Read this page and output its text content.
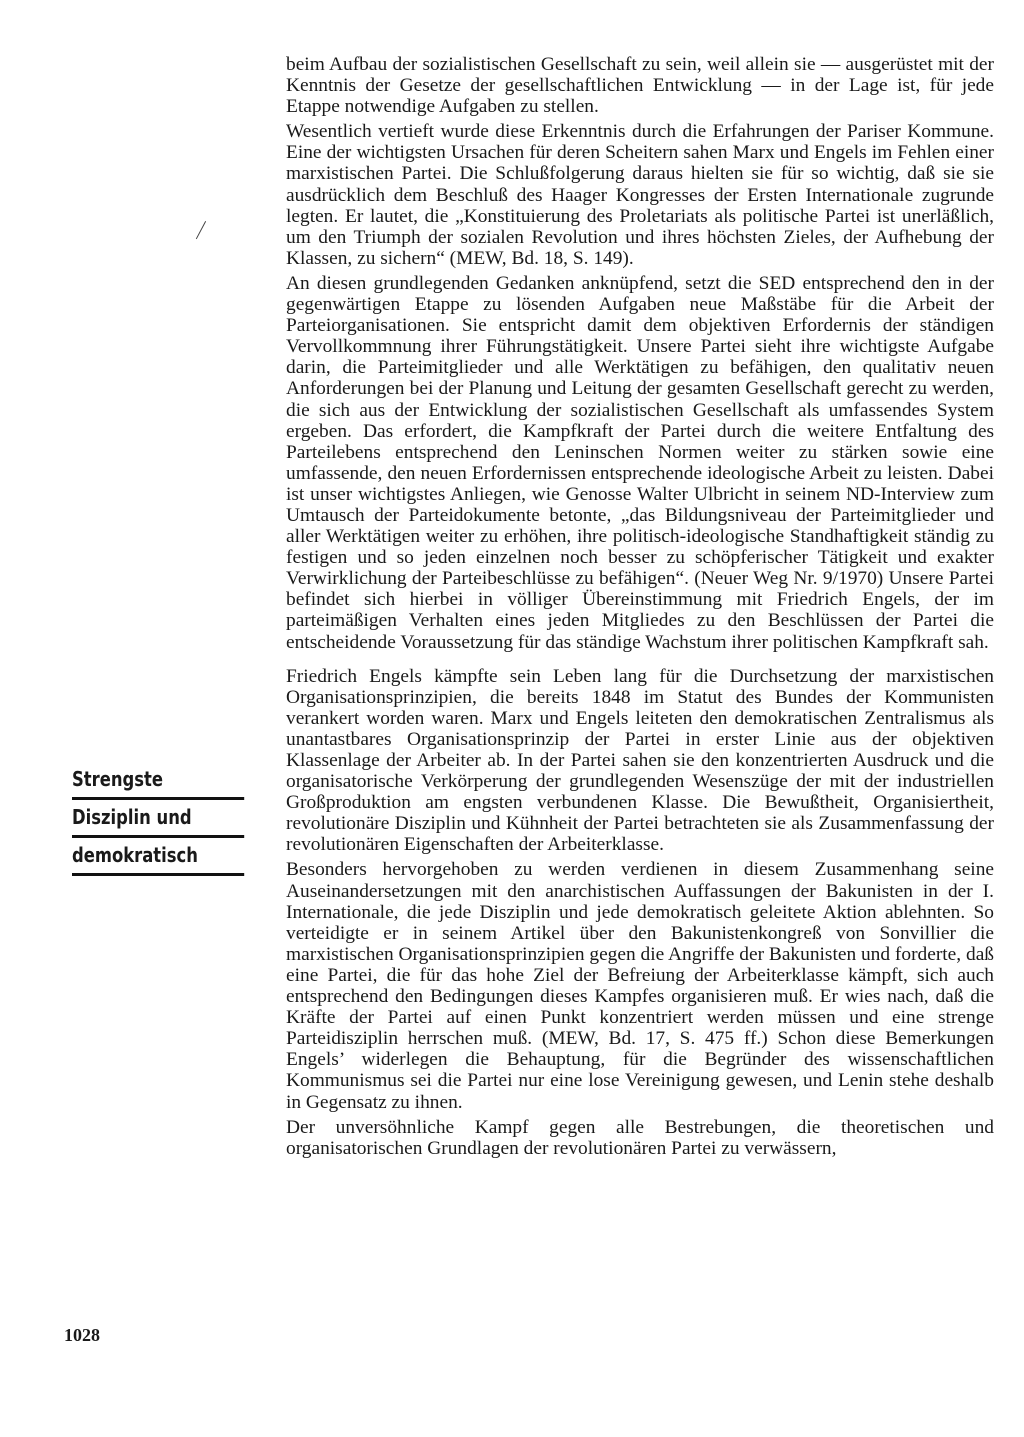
Strengste
Disziplin und
demokratisch

beim Aufbau der sozialistischen Gesellschaft zu sein, weil allein sie — ausgerüstet mit der Kenntnis der Gesetze der gesellschaftlichen Entwicklung — in der Lage ist, für jede Etappe notwendige Aufgaben zu stellen.

Wesentlich vertieft wurde diese Erkenntnis durch die Erfahrungen der Pariser Kommune. Eine der wichtigsten Ursachen für deren Scheitern sahen Marx und Engels im Fehlen einer marxistischen Partei. Die Schlußfolgerung daraus hielten sie für so wichtig, daß sie sie ausdrücklich dem Beschluß des Haager Kongresses der Ersten Internationale zugrunde legten. Er lautet, die „Konstituierung des Proletariats als politische Partei ist unerläßlich, um den Triumph der sozialen Revolution und ihres höchsten Zieles, der Aufhebung der Klassen, zu sichern“ (MEW, Bd. 18, S. 149).

An diesen grundlegenden Gedanken anknüpfend, setzt die SED entsprechend den in der gegenwärtigen Etappe zu lösenden Aufgaben neue Maßstäbe für die Arbeit der Parteiorganisationen. Sie entspricht damit dem objektiven Erfordernis der ständigen Vervollkommnung ihrer Führungstätigkeit. Unsere Partei sieht ihre wichtigste Aufgabe darin, die Parteimitglieder und alle Werktätigen zu befähigen, den qualitativ neuen Anforderungen bei der Planung und Leitung der gesamten Gesellschaft gerecht zu werden, die sich aus der Entwicklung der sozialistischen Gesellschaft als umfassendes System ergeben. Das erfordert, die Kampfkraft der Partei durch die weitere Entfaltung des Parteilebens entsprechend den Leninschen Normen weiter zu stärken sowie eine umfassende, den neuen Erfordernissen entsprechende ideologische Arbeit zu leisten. Dabei ist unser wichtigstes Anliegen, wie Genosse Walter Ulbricht in seinem ND-Interview zum Umtausch der Parteidokumente betonte, „das Bildungsniveau der Parteimitglieder und aller Werktätigen weiter zu erhöhen, ihre politisch-ideologische Standhaftigkeit ständig zu festigen und so jeden einzelnen noch besser zu schöpferischer Tätigkeit und exakter Verwirklichung der Parteibeschlüsse zu befähigen“. (Neuer Weg Nr. 9/1970) Unsere Partei befindet sich hierbei in völliger Übereinstimmung mit Friedrich Engels, der im parteimäßigen Verhalten eines jeden Mitgliedes zu den Beschlüssen der Partei die entscheidende Voraussetzung für das ständige Wachstum ihrer politischen Kampfkraft sah.

Friedrich Engels kämpfte sein Leben lang für die Durchsetzung der marxistischen Organisationsprinzipien, die bereits 1848 im Statut des Bundes der Kommunisten verankert worden waren. Marx und Engels leiteten den demokratischen Zentralismus als unantastbares Organisationsprinzip der Partei in erster Linie aus der objektiven Klassenlage der Arbeiter ab. In der Partei sahen sie den konzentrierten Ausdruck und die organisatorische Verkörperung der grundlegenden Wesenszüge der mit der industriellen Großproduktion am engsten verbundenen Klasse. Die Bewußtheit, Organisiertheit, revolutionäre Disziplin und Kühnheit der Partei betrachteten sie als Zusammenfassung der revolutionären Eigenschaften der Arbeiterklasse.

Besonders hervorgehoben zu werden verdienen in diesem Zusammenhang seine Auseinandersetzungen mit den anarchistischen Auffassungen der Bakunisten in der I. Internationale, die jede Disziplin und jede demokratisch geleitete Aktion ablehnten. So verteidigte er in seinem Artikel über den Bakunistenkongreß von Sonvillier die marxistischen Organisationsprinzipien gegen die Angriffe der Bakunisten und forderte, daß eine Partei, die für das hohe Ziel der Befreiung der Arbeiterklasse kämpft, sich auch entsprechend den Bedingungen dieses Kampfes organisieren muß. Er wies nach, daß die Kräfte der Partei auf einen Punkt konzentriert werden müssen und eine strenge Parteidisziplin herrschen muß. (MEW, Bd. 17, S. 475 ff.) Schon diese Bemerkungen Engels’ widerlegen die Behauptung, für die Begründer des wissenschaftlichen Kommunismus sei die Partei nur eine lose Vereinigung gewesen, und Lenin stehe deshalb in Gegensatz zu ihnen.

Der unversöhnliche Kampf gegen alle Bestrebungen, die theoretischen und organisatorischen Grundlagen der revolutionären Partei zu verwässern,

1028
